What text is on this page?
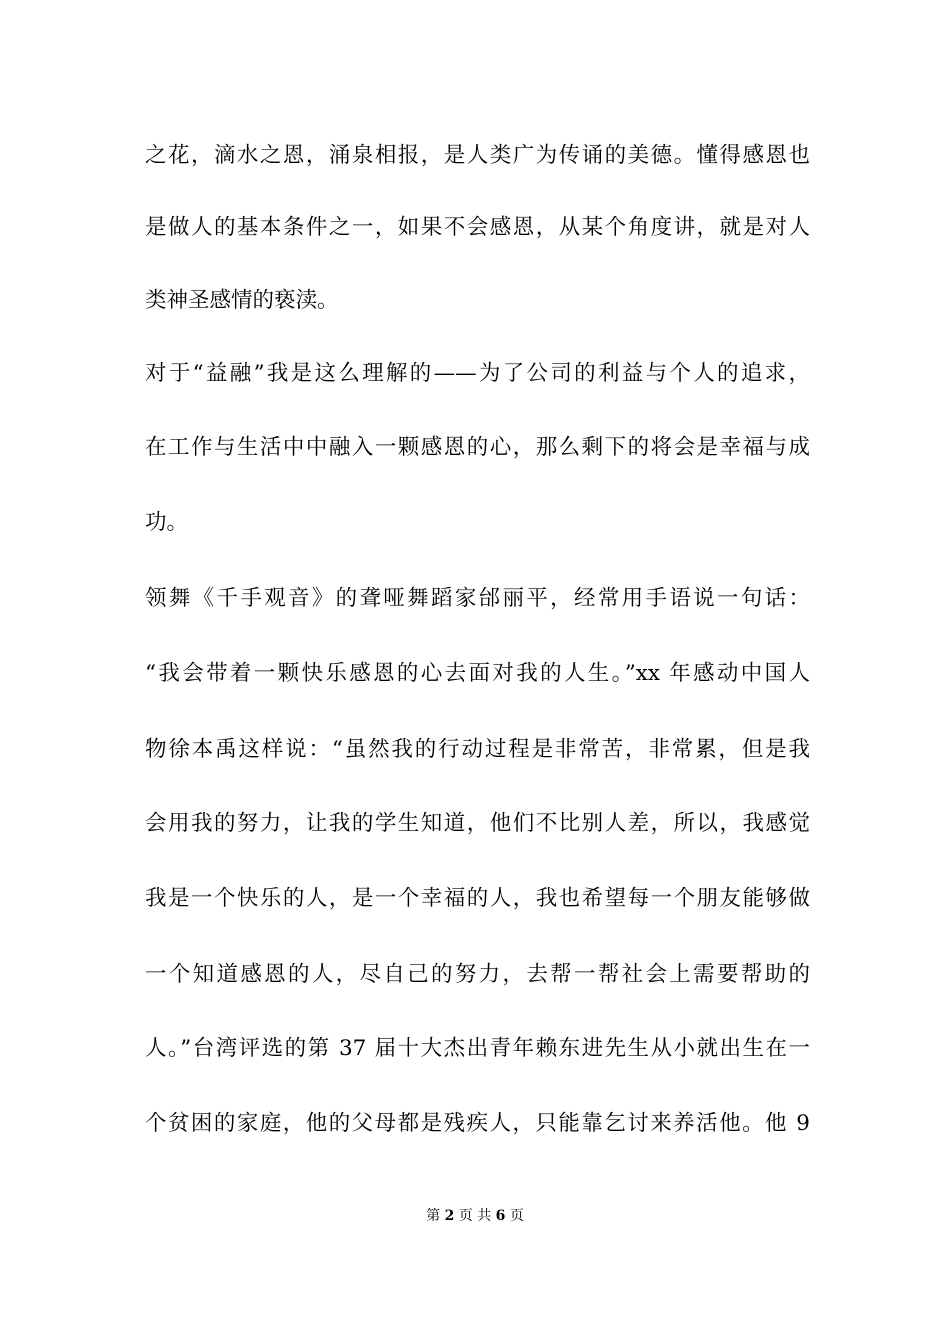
之花，滴水之恩，涌泉相报，是人类广为传诵的美德。懂得感恩也
是做人的基本条件之一，如果不会感恩，从某个角度讲，就是对人
类神圣感情的亵渎。
对于“益融”我是这么理解的——为了公司的利益与个人的追求，
在工作与生活中中融入一颗感恩的心，那么剩下的将会是幸福与成
功。
领舞《千手观音》的聋哑舞蹈家邰丽平，经常用手语说一句话：
“我会带着一颗快乐感恩的心去面对我的人生。”xx 年感动中国人
物徐本禹这样说：“虽然我的行动过程是非常苦，非常累，但是我
会用我的努力，让我的学生知道，他们不比别人差，所以，我感觉
我是一个快乐的人，是一个幸福的人，我也希望每一个朋友能够做
一个知道感恩的人，尽自己的努力，去帮一帮社会上需要帮助的
人。”台湾评选的第 37 届十大杰出青年赖东进先生从小就出生在一
个贫困的家庭，他的父母都是残疾人，只能靠乞讨来养活他。他 9
第 2 页 共 6 页
